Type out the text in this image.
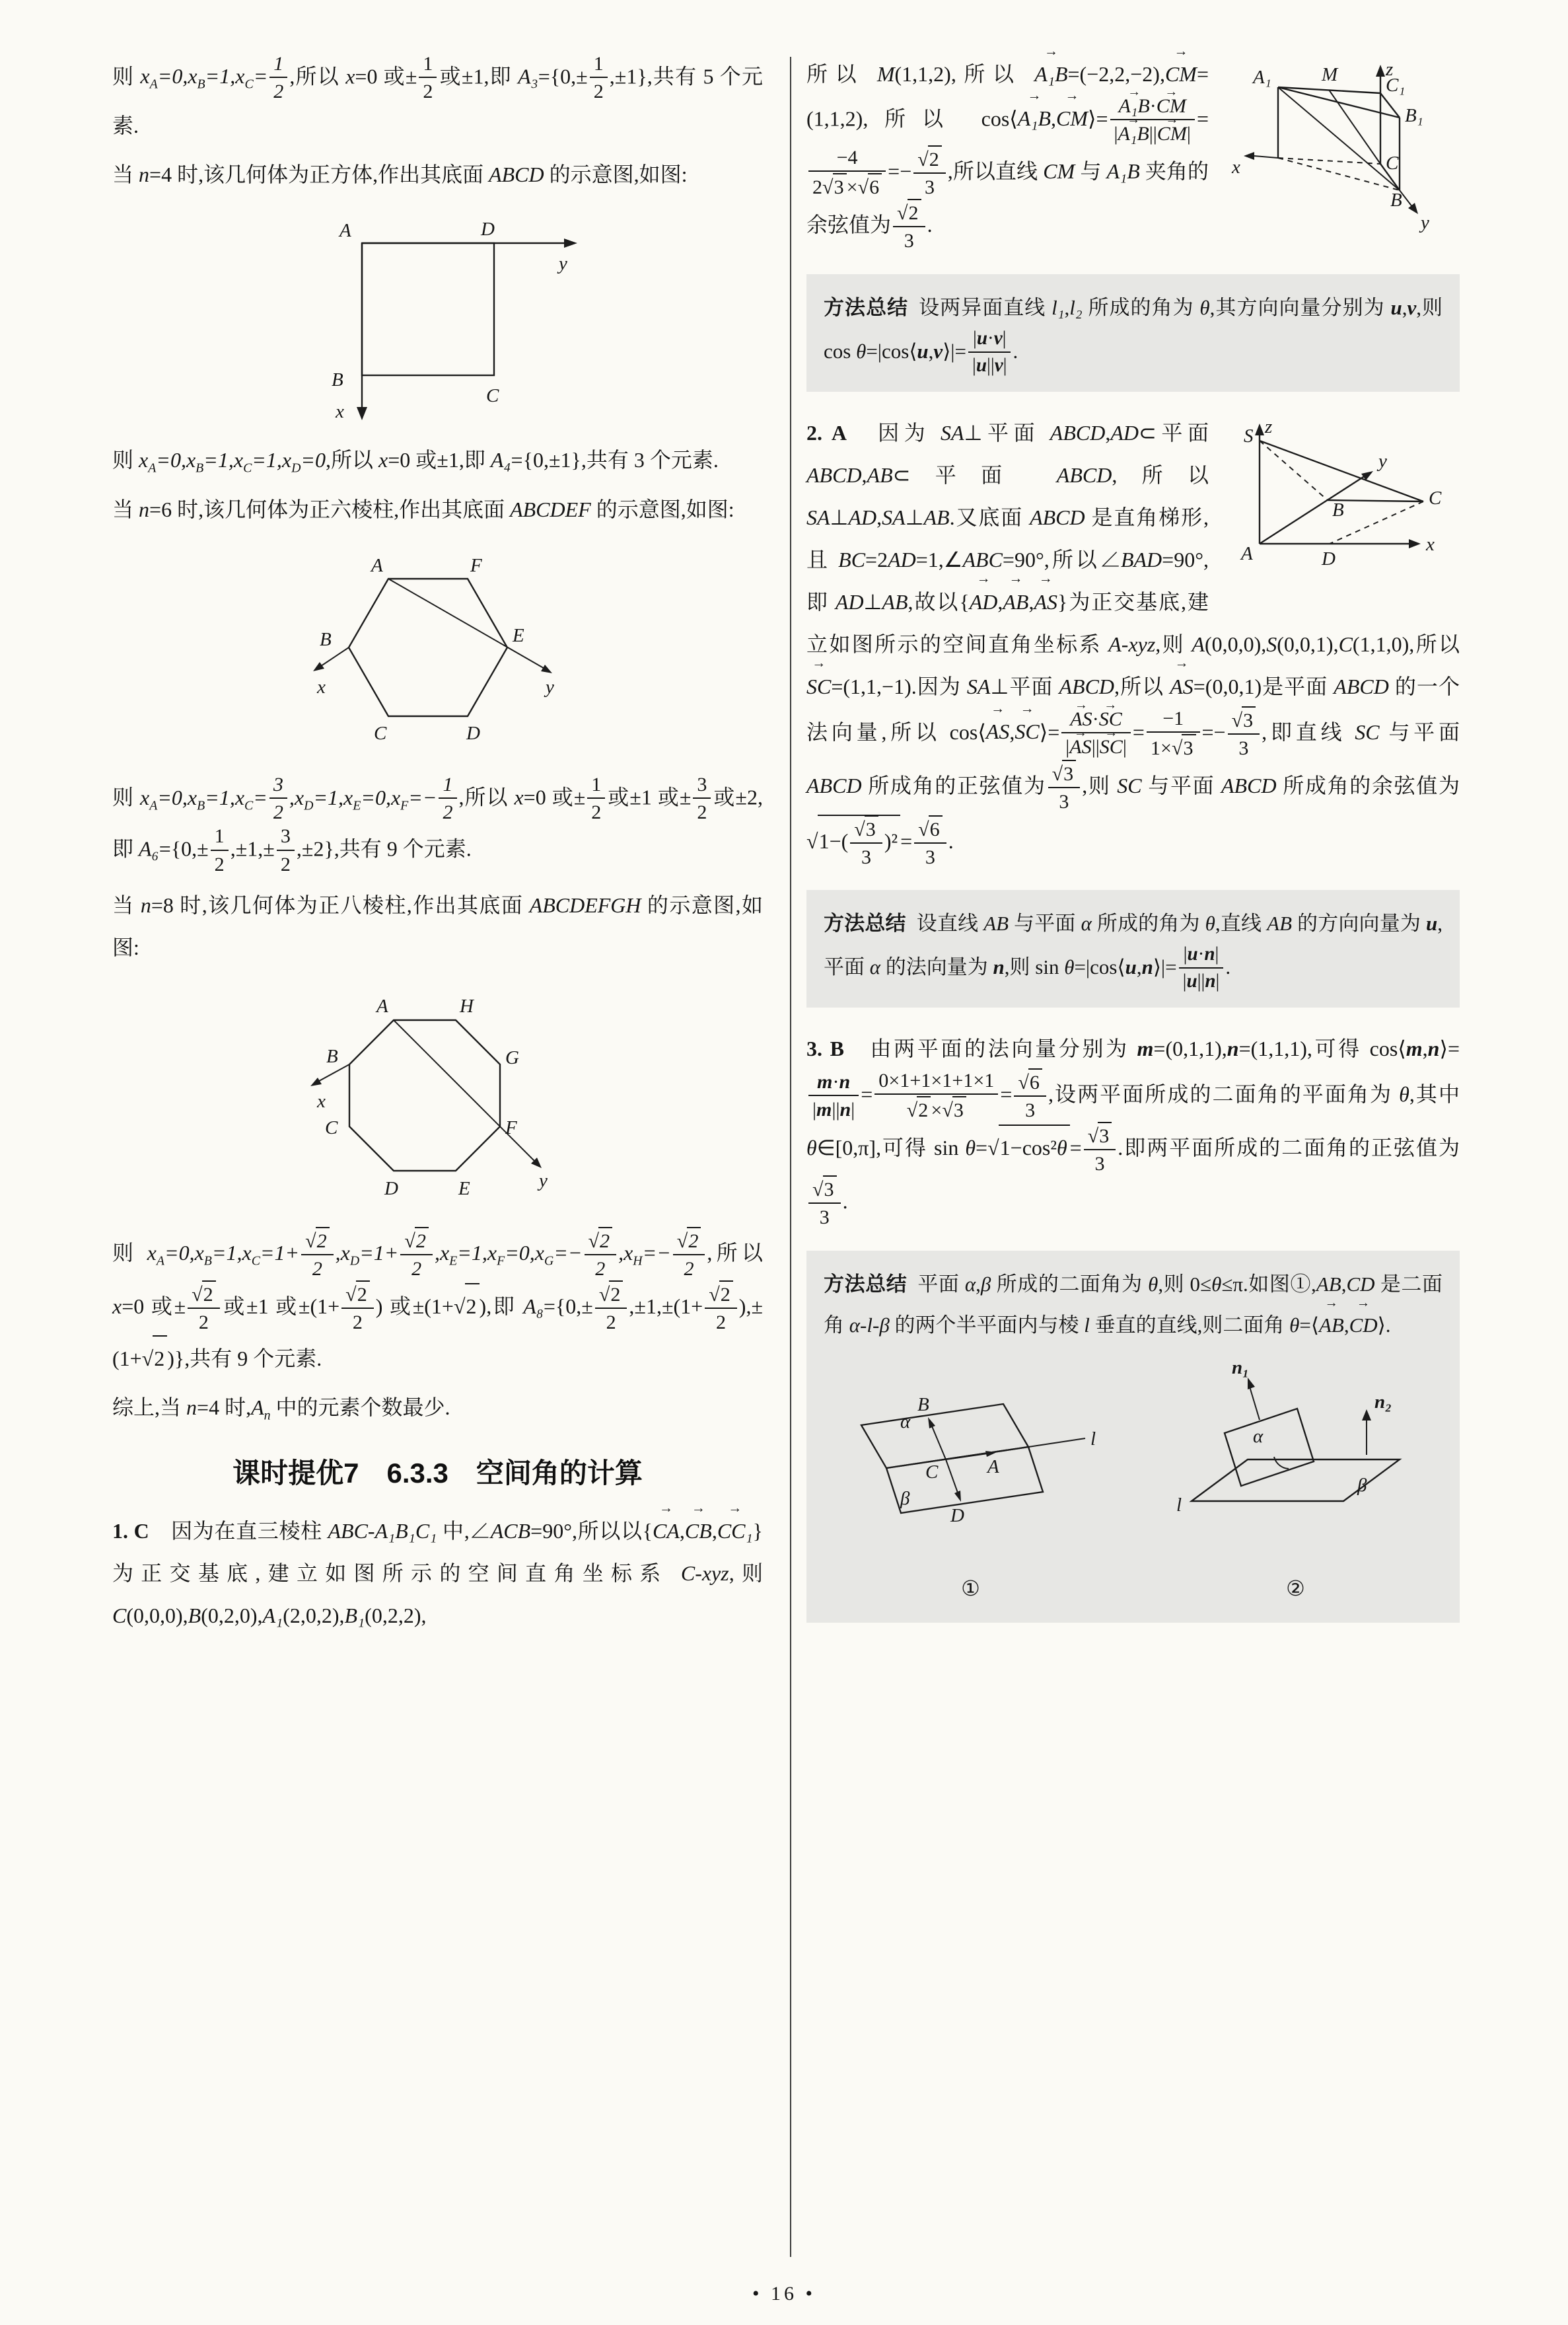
则 $x_A=0,x_B=1,x_C= \frac{1}{2}$ ,所以 x=0 或± $\frac{1}{2}$ 或±1,即 $A_3=\{0,\pm \frac{1}{2} ,\pm 1\}$,共有 5 个元素.

当 n=4 时,该几何体为正方体,作出其底面 ABCD 的示意图,如图:

A	D
B
C
y
x

则 $x_A=0,x_B=1,x_C=1,x_D=0$,所以 x=0 或±1,即 A₄={0,±1},共有 3 个元素.

当 n=6 时,该几何体为正六棱柱,作出其底面 ABCDEF 的示意图,如图:

A	F
B	E
C	D
y
x

则 $x_A=0,x_B=1,x_C= \frac{3}{2} ,x_D=1,x_E=0,x_F=- \frac{1}{2}$ ,所以 x=0 或± $\frac{1}{2}$ 或±1 或± $\frac{3}{2}$ 或±2,即 $A_6=\{0,\pm \frac{1}{2} ,\pm 1,\pm \frac{3}{2} ,\pm 2\}$,共有 9 个元素.

当 n=8 时,该几何体为正八棱柱,作出其底面 ABCDEFGH 的示意图,如图:

A	H
B	G
C	F
D	E	y
x

则 $x_A=0,x_B=1,x_C=1+ \frac{√2}{2} ,x_D=1+ \frac{√2}{2} ,x_E=1,x_F=0,x_G=- \frac{√2}{2} ,x_H=- \frac{√2}{2}$ ,所以 x=0 或± $\frac{√2}{2}$ 或±1 或$\pm(1+ \frac{√2}{2}$ ) 或±(1+√2 ),即 $A_8=\{0,\pm \frac{√2}{2} ,\pm 1,\pm(1+ \frac{√2}{2} ),\pm(1+√2$ )},共有 9 个元素.

综上,当 n=4 时$,A_n$ 中的元素个数最少.

课时提优7　6.3.3　空间角的计算

1. C　因为在直三棱柱 ABC-A₁B₁C₁ 中,∠ACB=90°,所以以{CA →,CB →,CC₁ →}为正交基底,建立如图所示的空间直角坐标系 C-xyz,则 C(0,0,0),B(0,2,0),A₁(2,0,2),B₁(0,2,2),

z
A₁	M	C₁
B₁
C
B
x
y

所以 M(1,1,2),所以 A₁B →=(−2,2,−2),CM →=(1,1,2),所以 cos⟨A₁B →,CM →⟩= $\frac{\text{A₁B →·CM →}}{\text{|A₁B →||CM →|}}$ =
$\frac{-4}{2√3 \times√6} =- \frac{√2}{3}$ ,所以直线 CM 与 A₁B 夹角的余弦值为 $\frac{√2}{3}$ .

方法总结 设两异面直线 l₁,l₂ 所成的角为 θ,其方向向量分别为 u,v,则 cos θ=|cos⟨u,v⟩|= $\frac{|u\cdot v|}{|u||v|}$ .
z
S
y
B
C
A	D
x

2. A　因为 SA⊥平面 ABCD,AD⊂平面 ABCD,AB⊂平面 ABCD,所以 SA⊥AD,SA⊥AB.又底面 ABCD 是直角梯形,且 BC=2AD=1,∠ABC=90°,所以∠BAD=90°,即 AD⊥AB,故以{AD →,AB →,AS →}为正交基底,建立如图所示的空间直角坐标系 A-xyz,则 A(0,0,0),S(0,0,1),C(1,1,0),所以 SC →=(1,1,−1).因为 SA⊥平面 ABCD,所以 AS →=(0,0,1)是平面 ABCD 的一个法向量,所以 cos⟨AS →,SC →⟩= $\frac{AS \to\cdot SC \to}{|AS \to||SC \to|} = \frac{-1}{1\times√3} =- \frac{√3}{3}$ ,即直线 SC 与平面 ABCD 所成角的正弦值为 $\frac{√3}{3}$ ,则 SC 与平面 ABCD 所成角的余弦值为$√1-( \frac{√3}{3} )^2 = \frac{√6}{3}$ .

方法总结 设直线 AB 与平面 α 所成的角为 θ,直线 AB 的方向向量为 u,平面 α 的法向量为 n,则 sin θ=|cos⟨u,n⟩|= $\frac{|u\cdot n|}{|u||n|}$ .

3. B　由两平面的法向量分别为 m=(0,1,1),n=(1,1,1),可得 cos⟨m,n⟩=
$\frac{m\cdot n}{|m||n|} = \frac{0\times 1+1\times 1+1\times 1}{√2 \times√3} = \frac{√6}{3}$ ,设两平面所成的二面角的平面角为 θ,其中 θ∈[0,π],可得 $\sin \theta=√1-\cos^2\theta = \frac{√3}{3}$ .即两平面所成的二面角的正弦值为
$\frac{√3}{3}$ .

方法总结 平面 α,β 所成的二面角为 θ,则 0≤θ≤π.如图①,AB,CD 是二面角 α-l-β 的两个半平面内与棱 l 垂直的直线,则二面角 θ=⟨AB →,CD →⟩.
α
B
C	A
D
β
l
①
n₁
n₂
α
β
l
②
• 16 •
